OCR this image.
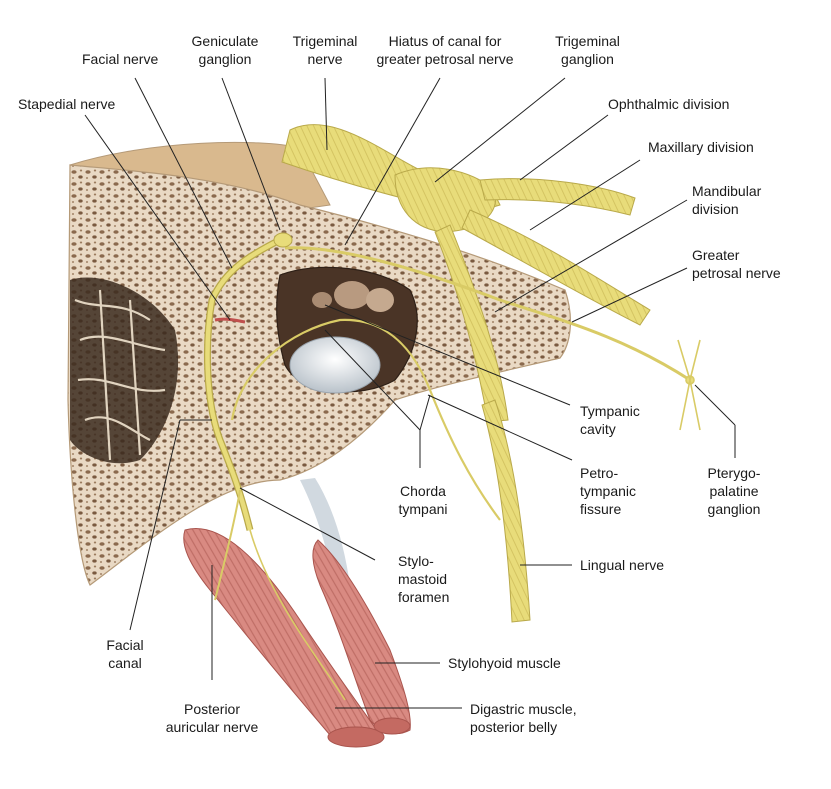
Facial nerve
Geniculate
ganglion
Trigeminal
nerve
Hiatus of canal for
greater petrosal nerve
Trigeminal
ganglion
Stapedial nerve	Ophthalmic division
Maxillary division
Mandibular
division
Greater
petrosal nerve
Tympanic
cavity
Chorda
tympani
Petro-
tympanic
fissure
Pterygo-
palatine
ganglion
Stylo-
mastoid
foramen
Lingual nerve
Facial
canal	Stylohyoid muscle
Posterior
auricular nerve
Digastric muscle,
posterior belly
